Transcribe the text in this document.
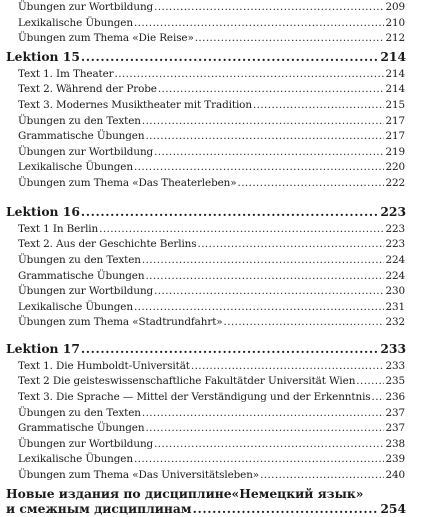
Übungen zur Wortbildung .....	209
Lexikalische Übungen .....	210
Übungen zum Thema «Die Reise» .....	212
Lektion 15 .....	214
Text 1. Im Theater .....	214
Text 2. Während der Probe .....	214
Text 3. Modernes Musiktheater mit Tradition .....	215
Übungen zu den Texten .....	217
Grammatische Übungen .....	217
Übungen zur Wortbildung .....	219
Lexikalische Übungen .....	220
Übungen zum Thema «Das Theaterleben» .....	222
Lektion 16 .....	223
Text 1 In Berlin .....	223
Text 2. Aus der Geschichte Berlins .....	223
Übungen zu den Texten .....	224
Grammatische Übungen .....	224
Übungen zur Wortbildung .....	230
Lexikalische Übungen .....	231
Übungen zum Thema «Stadtrundfahrt» .....	232
Lektion 17 .....	233
Text 1. Die Humboldt-Universität .....	233
Text 2 Die geisteswissenschaftliche Fakultätder Universität Wien .....	235
Text 3. Die Sprache — Mittel der Verständigung und der Erkenntnis ..... 236
Übungen zu den Texten .....	237
Grammatische Übungen .....	237
Übungen zur Wortbildung .....	238
Lexikalische Übungen .....	239
Übungen zum Thema «Das Universitätsleben» .....	240
Новые издания по дисциплине«Немецкий язык»
и смежным дисциплинам .....	254
